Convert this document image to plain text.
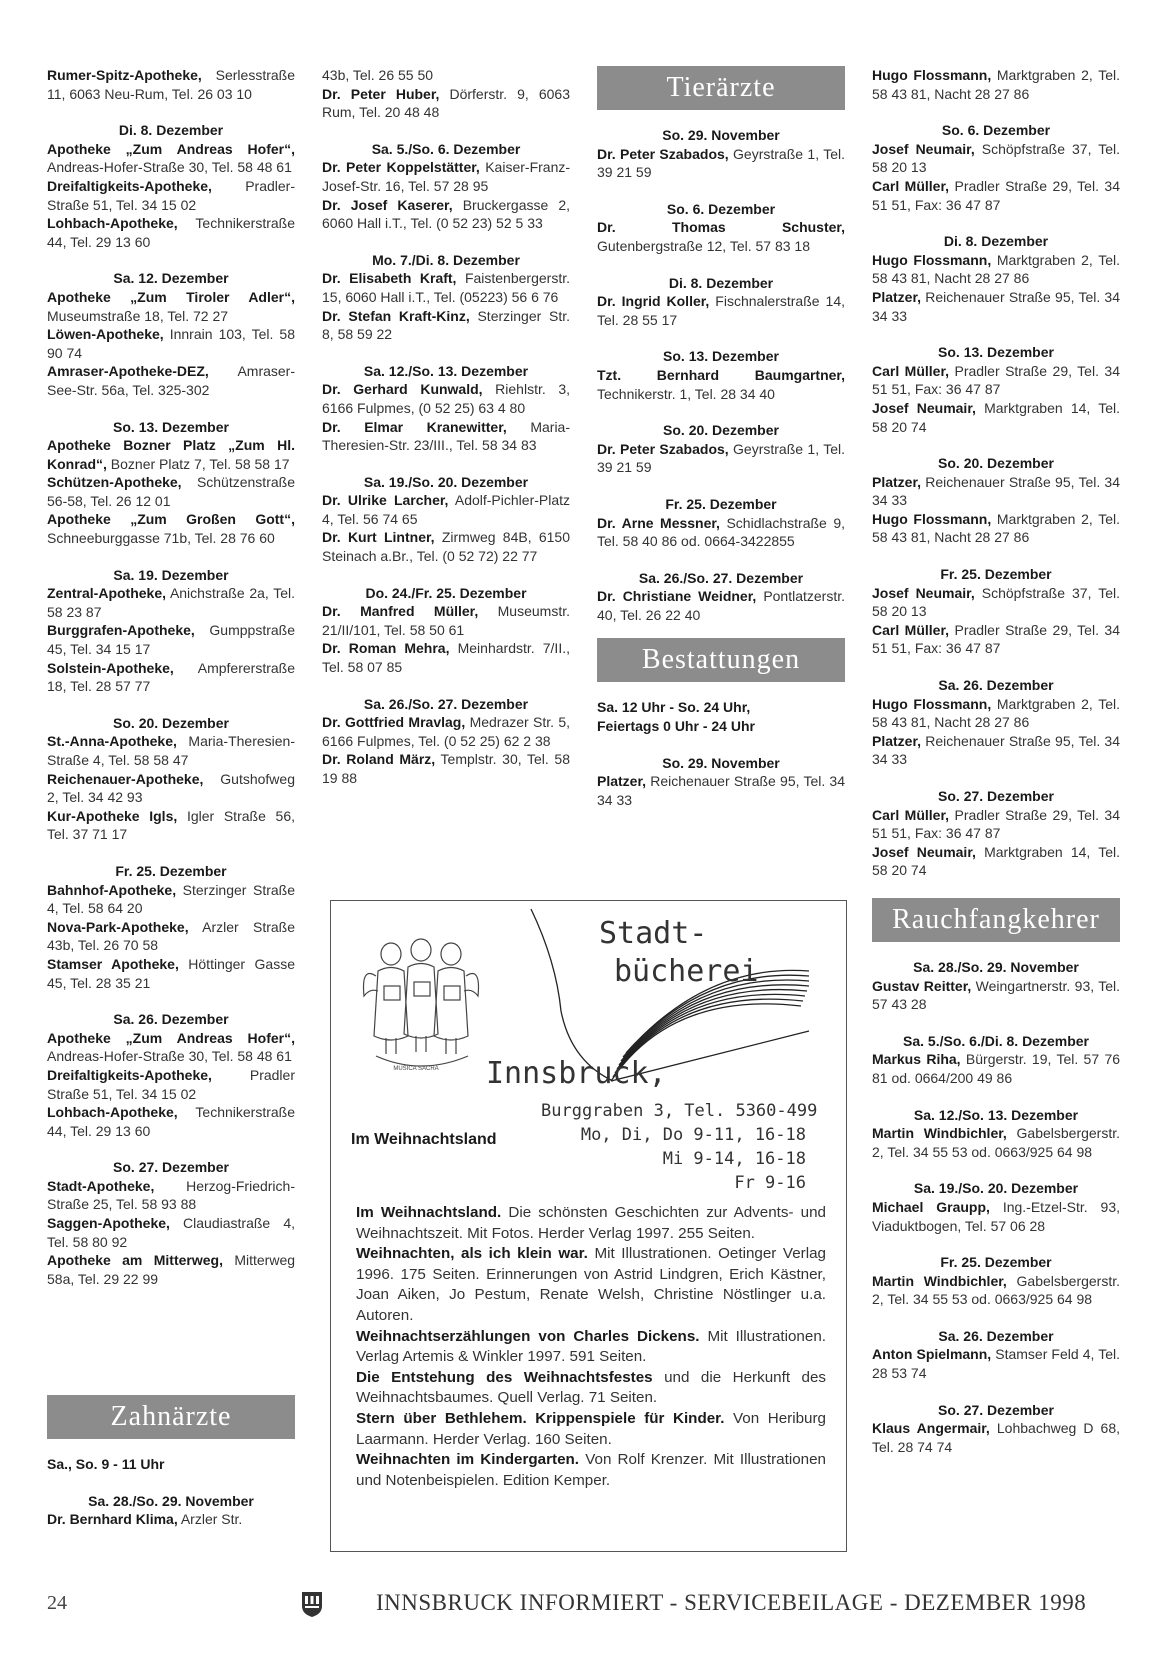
Rumer-Spitz-Apotheke, Serlesstraße 11, 6063 Neu-Rum, Tel. 26 03 10
Di. 8. Dezember
Apotheke „Zum Andreas Hofer“, Andreas-Hofer-Straße 30, Tel. 58 48 61
Dreifaltigkeits-Apotheke, Pradler-Straße 51, Tel. 34 15 02
Lohbach-Apotheke, Technikerstraße 44, Tel. 29 13 60
Sa. 12. Dezember
Apotheke „Zum Tiroler Adler“, Museumstraße 18, Tel. 72 27
Löwen-Apotheke, Innrain 103, Tel. 58 90 74
Amraser-Apotheke-DEZ, Amraser-See-Str. 56a, Tel. 325-302
So. 13. Dezember
Apotheke Bozner Platz „Zum Hl. Konrad“, Bozner Platz 7, Tel. 58 58 17
Schützen-Apotheke, Schützenstraße 56-58, Tel. 26 12 01
Apotheke „Zum Großen Gott“, Schneeburggasse 71b, Tel. 28 76 60
Sa. 19. Dezember
Zentral-Apotheke, Anichstraße 2a, Tel. 58 23 87
Burggrafen-Apotheke, Gumppstraße 45, Tel. 34 15 17
Solstein-Apotheke, Ampfererstraße 18, Tel. 28 57 77
So. 20. Dezember
St.-Anna-Apotheke, Maria-Theresien-Straße 4, Tel. 58 58 47
Reichenauer-Apotheke, Gutshofweg 2, Tel. 34 42 93
Kur-Apotheke Igls, Igler Straße 56, Tel. 37 71 17
Fr. 25. Dezember
Bahnhof-Apotheke, Sterzinger Straße 4, Tel. 58 64 20
Nova-Park-Apotheke, Arzler Straße 43b, Tel. 26 70 58
Stamser Apotheke, Höttinger Gasse 45, Tel. 28 35 21
Sa. 26. Dezember
Apotheke „Zum Andreas Hofer“, Andreas-Hofer-Straße 30, Tel. 58 48 61
Dreifaltigkeits-Apotheke,	Pradler Straße 51, Tel. 34 15 02
Lohbach-Apotheke, Technikerstraße 44, Tel. 29 13 60
So. 27. Dezember
Stadt-Apotheke, Herzog-Friedrich-Straße 25, Tel. 58 93 88
Saggen-Apotheke, Claudiastraße 4, Tel. 58 80 92
Apotheke am Mitterweg, Mitterweg 58a, Tel. 29 22 99
Zahnärzte
Sa., So. 9 - 11 Uhr
Sa. 28./So. 29. November
Dr. Bernhard Klima, Arzler Str.
43b, Tel. 26 55 50
Dr. Peter Huber, Dörferstr. 9, 6063 Rum, Tel. 20 48 48
Sa. 5./So. 6. Dezember
Dr. Peter Koppelstätter, Kaiser-Franz-Josef-Str. 16, Tel. 57 28 95
Dr. Josef Kaserer, Bruckergasse 2, 6060 Hall i.T., Tel. (0 52 23) 52 5 33
Mo. 7./Di. 8. Dezember
Dr. Elisabeth Kraft, Faistenbergerstr. 15, 6060 Hall i.T., Tel. (05223) 56 6 76
Dr. Stefan Kraft-Kinz, Sterzinger Str. 8, 58 59 22
Sa. 12./So. 13. Dezember
Dr. Gerhard Kunwald, Riehlstr. 3, 6166 Fulpmes, (0 52 25) 63 4 80
Dr. Elmar Kranewitter, Maria-Theresien-Str. 23/III., Tel. 58 34 83
Sa. 19./So. 20. Dezember
Dr. Ulrike Larcher, Adolf-Pichler-Platz 4, Tel. 56 74 65
Dr. Kurt Lintner, Zirmweg 84B, 6150 Steinach a.Br., Tel. (0 52 72) 22 77
Do. 24./Fr. 25. Dezember
Dr. Manfred Müller, Museumstr. 21/II/101, Tel. 58 50 61
Dr. Roman Mehra, Meinhardstr. 7/II., Tel. 58 07 85
Sa. 26./So. 27. Dezember
Dr. Gottfried Mravlag, Medrazer Str. 5, 6166 Fulpmes, Tel. (0 52 25) 62 2 38
Dr. Roland März, Templstr. 30, Tel. 58 19 88
Tierärzte
So. 29. November
Dr. Peter Szabados, Geyrstraße 1, Tel. 39 21 59
So. 6. Dezember
Dr. Thomas Schuster, Gutenbergstraße 12, Tel. 57 83 18
Di. 8. Dezember
Dr. Ingrid Koller, Fischnalerstraße 14, Tel. 28 55 17
So. 13. Dezember
Tzt. Bernhard Baumgartner, Technikerstr. 1, Tel. 28 34 40
So. 20. Dezember
Dr. Peter Szabados, Geyrstraße 1, Tel. 39 21 59
Fr. 25. Dezember
Dr. Arne Messner, Schidlachstraße 9, Tel. 58 40 86 od. 0664-3422855
Sa. 26./So. 27. Dezember
Dr. Christiane Weidner, Pontlatzerstr. 40, Tel. 26 22 40
Bestattungen
Sa. 12 Uhr - So. 24 Uhr,
Feiertags 0 Uhr - 24 Uhr
So. 29. November
Platzer, Reichenauer Straße 95, Tel. 34 34 33
Hugo Flossmann, Marktgraben 2, Tel. 58 43 81, Nacht 28 27 86
So. 6. Dezember
Josef Neumair, Schöpfstraße 37, Tel. 58 20 13
Carl Müller, Pradler Straße 29, Tel. 34 51 51, Fax: 36 47 87
Di. 8. Dezember
Hugo Flossmann, Marktgraben 2, Tel. 58 43 81, Nacht 28 27 86
Platzer, Reichenauer Straße 95, Tel. 34 34 33
So. 13. Dezember
Carl Müller, Pradler Straße 29, Tel. 34 51 51, Fax: 36 47 87
Josef Neumair, Marktgraben 14, Tel. 58 20 74
So. 20. Dezember
Platzer, Reichenauer Straße 95, Tel. 34 34 33
Hugo Flossmann, Marktgraben 2, Tel. 58 43 81, Nacht 28 27 86
Fr. 25. Dezember
Josef Neumair, Schöpfstraße 37, Tel. 58 20 13
Carl Müller, Pradler Straße 29, Tel. 34 51 51, Fax: 36 47 87
Sa. 26. Dezember
Hugo Flossmann, Marktgraben 2, Tel. 58 43 81, Nacht 28 27 86
Platzer, Reichenauer Straße 95, Tel. 34 34 33
So. 27. Dezember
Carl Müller, Pradler Straße 29, Tel. 34 51 51, Fax: 36 47 87
Josef Neumair, Marktgraben 14, Tel. 58 20 74
Rauchfangkehrer
Sa. 28./So. 29. November
Gustav Reitter, Weingartnerstr. 93, Tel. 57 43 28
Sa. 5./So. 6./Di. 8. Dezember
Markus Riha, Bürgerstr. 19, Tel. 57 76 81 od. 0664/200 49 86
Sa. 12./So. 13. Dezember
Martin Windbichler, Gabelsbergerstr. 2, Tel. 34 55 53 od. 0663/925 64 98
Sa. 19./So. 20. Dezember
Michael Graupp, Ing.-Etzel-Str. 93, Viaduktbogen, Tel. 57 06 28
Fr. 25. Dezember
Martin Windbichler, Gabelsbergerstr. 2, Tel. 34 55 53 od. 0663/925 64 98
Sa. 26. Dezember
Anton Spielmann, Stamser Feld 4, Tel. 28 53 74
So. 27. Dezember
Klaus Angermair, Lohbachweg D 68, Tel. 28 74 74
MUSICA SACRA
Stadt-
bücherei
Innsbruck,
Burggraben 3, Tel. 5360-499
Mo, Di, Do 9-11, 16-18
Mi 9-14, 16-18
Fr 9-16
Im Weihnachtsland
Im Weihnachtsland. Die schönsten Geschichten zur Advents- und Weihnachtszeit. Mit Fotos. Herder Verlag 1997. 255 Seiten.
Weihnachten, als ich klein war. Mit Illustrationen. Oetinger Verlag 1996. 175 Seiten. Erinnerungen von Astrid Lindgren, Erich Kästner, Joan Aiken, Jo Pestum, Renate Welsh, Christine Nöstlinger u.a. Autoren.
Weihnachtserzählungen von Charles Dickens. Mit Illustrationen. Verlag Artemis & Winkler 1997. 591 Seiten.
Die Entstehung des Weihnachtsfestes und die Herkunft des Weihnachtsbaumes. Quell Verlag. 71 Seiten.
Stern über Bethlehem. Krippenspiele für Kinder. Von Heriburg Laarmann. Herder Verlag. 160 Seiten.
Weihnachten im Kindergarten. Von Rolf Krenzer. Mit Illustrationen und Notenbeispielen. Edition Kemper.
24	INNSBRUCK INFORMIERT - SERVICEBEILAGE - DEZEMBER 1998
